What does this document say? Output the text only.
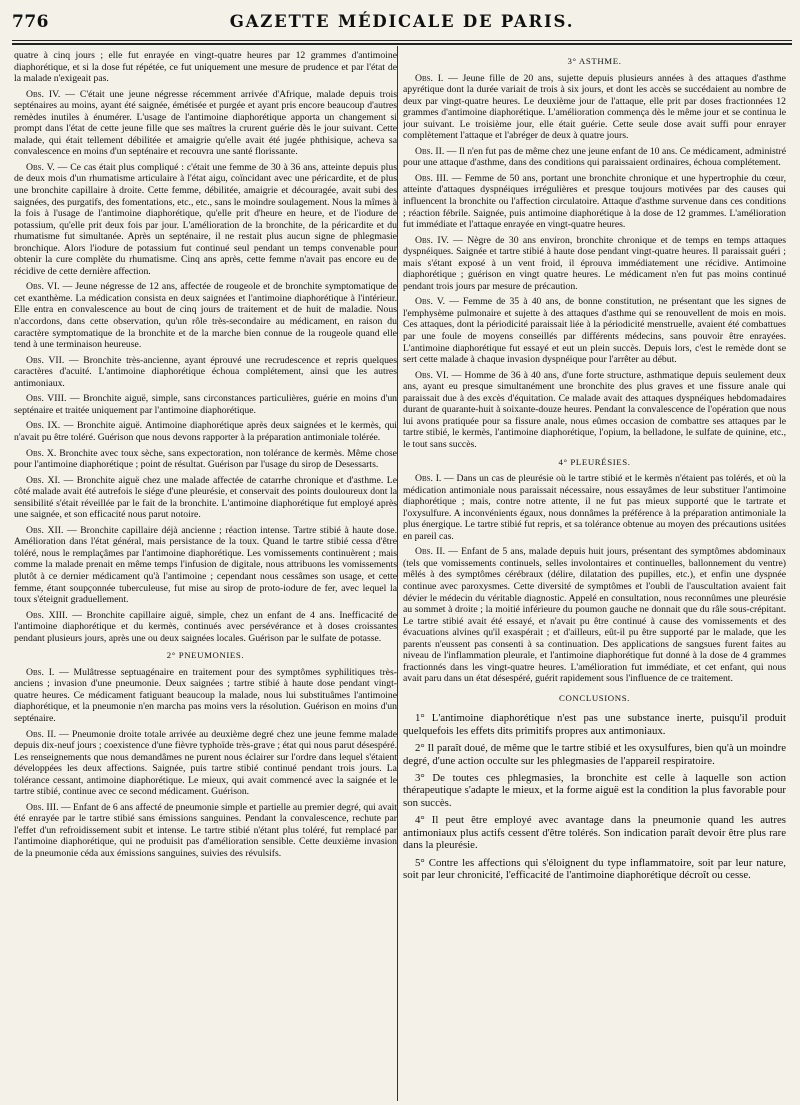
776	GAZETTE MÉDICALE DE PARIS.

quatre à cinq jours ; elle fut enrayée en vingt-quatre heures par 12 grammes d'antimoine diaphorétique, et si la dose fut répétée, ce fut uniquement une mesure de prudence et par l'état de la malade n'exigeait pas.

Obs. IV. — C'était une jeune négresse récemment arrivée d'Afrique, malade depuis trois septénaires au moins, ayant été saignée, émétisée et purgée et ayant pris encore beaucoup d'autres remèdes inutiles à énumérer. L'usage de l'antimoine diaphorétique apporta un changement si prompt dans l'état de cette jeune fille que ses maîtres la crurent guérie dès le jour suivant. Cette malade, qui était tellement débilitée et amaigrie qu'elle avait été jugée phthisique, acheva sa convalescence en moins d'un septénaire et recouvra une santé florissante.

Obs. V. — Ce cas était plus compliqué : c'était une femme de 30 à 36 ans, atteinte depuis plus de deux mois d'un rhumatisme articulaire à l'état aigu, coïncidant avec une péricardite, et de plus une bronchite capillaire à droite. Cette femme, débilitée, amaigrie et découragée, avait subi des saignées, des purgatifs, des fomentations, etc., etc., sans le moindre soulagement. Nous la mîmes à la fois à l'usage de l'antimoine diaphorétique, qu'elle prit d'heure en heure, et de l'iodure de potassium, qu'elle prit deux fois par jour. L'amélioration de la bronchite, de la péricardite et du rhumatisme fut simultanée. Après un septénaire, il ne restait plus aucun signe de phlegmasie bronchique. Alors l'iodure de potassium fut continué seul pendant un temps convenable pour obtenir la cure complète du rhumatisme. Cinq ans après, cette femme n'avait pas encore eu de récidive de cette dernière affection.

Obs. VI. — Jeune négresse de 12 ans, affectée de rougeole et de bronchite symptomatique de cet exanthème. La médication consista en deux saignées et l'antimoine diaphorétique à l'intérieur. Elle entra en convalescence au bout de cinq jours de traitement et de huit de maladie. Nous n'accordons, dans cette observation, qu'un rôle très-secondaire au médicament, en raison du caractère symptomatique de la bronchite et de la marche bien connue de la rougeole quand elle tend à une terminaison heureuse.

Obs. VII. — Bronchite très-ancienne, ayant éprouvé une recrudescence et repris quelques caractères d'acuité. L'antimoine diaphorétique échoua complétement, ainsi que les autres antimoniaux.

Obs. VIII. — Bronchite aiguë, simple, sans circonstances particulières, guérie en moins d'un septénaire et traitée uniquement par l'antimoine diaphorétique.

Obs. IX. — Bronchite aiguë. Antimoine diaphorétique après deux saignées et le kermès, qui n'avait pu être toléré. Guérison que nous devons rapporter à la préparation antimoniale tolérée.

Obs. X. Bronchite avec toux sèche, sans expectoration, non tolérance de kermès. Même chose pour l'antimoine diaphorétique ; point de résultat. Guérison par l'usage du sirop de Desessarts.

Obs. XI. — Bronchite aiguë chez une malade affectée de catarrhe chronique et d'asthme. Le côté malade avait été autrefois le siége d'une pleurésie, et conservait des points douloureux dont la sensibilité s'était réveillée par le fait de la bronchite. L'antimoine diaphorétique fut employé après une saignée, et son efficacité nous parut notoire.

Obs. XII. — Bronchite capillaire déjà ancienne ; réaction intense. Tartre stibié à haute dose. Amélioration dans l'état général, mais persistance de la toux. Quand le tartre stibié cessa d'être toléré, nous le remplaçâmes par l'antimoine diaphorétique. Les vomissements continuèrent ; mais comme la malade prenait en même temps l'infusion de digitale, nous attribuons les vomissements plutôt à ce dernier médicament qu'à l'antimoine ; cependant nous cessâmes son usage, et cette femme, étant soupçonnée tuberculeuse, fut mise au sirop de proto-iodure de fer, avec lequel la toux s'éteignit graduellement.

Obs. XIII. — Bronchite capillaire aiguë, simple, chez un enfant de 4 ans. Inefficacité de l'antimoine diaphorétique et du kermès, continués avec persévérance et à doses croissantes pendant plusieurs jours, après une ou deux saignées locales. Guérison par le sulfate de potasse.

2° PNEUMONIES.

Obs. I. — Mulâtresse septuagénaire en traitement pour des symptômes syphilitiques très-anciens ; invasion d'une pneumonie. Deux saignées ; tartre stibié à haute dose pendant vingt-quatre heures. Ce médicament fatiguant beaucoup la malade, nous lui substituâmes l'antimoine diaphorétique, et la pneumonie n'en marcha pas moins vers la résolution. Guérison en moins d'un septénaire.

Obs. II. — Pneumonie droite totale arrivée au deuxième degré chez une jeune femme malade depuis dix-neuf jours ; coexistence d'une fièvre typhoïde très-grave ; état qui nous parut désespéré. Les renseignements que nous demandâmes ne purent nous éclairer sur l'ordre dans lequel s'étaient développées les deux affections. Saignée, puis tartre stibié continué pendant trois jours. La tolérance cessant, antimoine diaphorétique. Le mieux, qui avait commencé avec la saignée et le tartre stibié, continue avec ce second médicament. Guérison.

Obs. III. — Enfant de 6 ans affecté de pneumonie simple et partielle au premier degré, qui avait été enrayée par le tartre stibié sans émissions sanguines. Pendant la convalescence, rechute par l'effet d'un refroidissement subit et intense. Le tartre stibié n'étant plus toléré, fut remplacé par l'antimoine diaphorétique, qui ne produisit pas d'amélioration sensible. Cette deuxième invasion de la pneumonie céda aux émissions sanguines, suivies des révulsifs.

3° ASTHME.

Obs. I. — Jeune fille de 20 ans, sujette depuis plusieurs années à des attaques d'asthme apyrétique dont la durée variait de trois à six jours, et dont les accès se succédaient au nombre de deux par vingt-quatre heures. Le deuxième jour de l'attaque, elle prit par doses fractionnées 12 grammes d'antimoine diaphorétique. L'amélioration commença dès le même jour et se continua le jour suivant. Le troisième jour, elle était guérie. Cette seule dose avait suffi pour enrayer complètement l'attaque et l'abréger de deux à quatre jours.

Obs. II. — Il n'en fut pas de même chez une jeune enfant de 10 ans. Ce médicament, administré pour une attaque d'asthme, dans des conditions qui paraissaient ordinaires, échoua complétement.

Obs. III. — Femme de 50 ans, portant une bronchite chronique et une hypertrophie du cœur, atteinte d'attaques dyspnéiques irrégulières et presque toujours motivées par des causes qui influencent la bronchite ou l'affection circulatoire. Attaque d'asthme survenue dans ces conditions ; réaction fébrile. Saignée, puis antimoine diaphorétique à la dose de 12 grammes. L'amélioration fut immédiate et l'attaque enrayée en vingt-quatre heures.

Obs. IV. — Nègre de 30 ans environ, bronchite chronique et de temps en temps attaques dyspnéiques. Saignée et tartre stibié à haute dose pendant vingt-quatre heures. Il paraissait guéri ; mais s'étant exposé à un vent froid, il éprouva immédiatement une récidive. Antimoine diaphorétique ; guérison en vingt quatre heures. Le médicament n'en fut pas moins continué pendant trois jours par mesure de précaution.

Obs. V. — Femme de 35 à 40 ans, de bonne constitution, ne présentant que les signes de l'emphysème pulmonaire et sujette à des attaques d'asthme qui se renouvellent de mois en mois. Ces attaques, dont la périodicité paraissait liée à la périodicité menstruelle, avaient été combattues par une foule de moyens conseillés par différents médecins, sans pouvoir être enrayées. L'antimoine diaphorétique fut essayé et eut un plein succès. Depuis lors, c'est le remède dont se sert cette malade à chaque invasion dyspnéique pour l'arrêter au début.

Obs. VI. — Homme de 36 à 40 ans, d'une forte structure, asthmatique depuis seulement deux ans, ayant eu presque simultanément une bronchite des plus graves et une fissure anale qui paraissait due à des excès d'équitation. Ce malade avait des attaques dyspnéiques hebdomadaires durant de quarante-huit à soixante-douze heures. Pendant la convalescence de l'opération que nous lui avons pratiquée pour sa fissure anale, nous eûmes occasion de combattre ses attaques par le tartre stibié, le kermès, l'antimoine diaphorétique, l'opium, la belladone, le sulfate de quinine, etc., le tout sans succès.

4° PLEURÉSIES.

Obs. I. — Dans un cas de pleurésie où le tartre stibié et le kermès n'étaient pas tolérés, et où la médication antimoniale nous paraissait nécessaire, nous essayâmes de leur substituer l'antimoine diaphorétique ; mais, contre notre attente, il ne fut pas mieux supporté que le tartrate et l'oxysulfure. A inconvénients égaux, nous donnâmes la préférence à la préparation antimoniale la plus énergique. Le tartre stibié fut repris, et sa tolérance obtenue au moyen des précautions usitées en pareil cas.

Obs. II. — Enfant de 5 ans, malade depuis huit jours, présentant des symptômes abdominaux (tels que vomissements continuels, selles involontaires et continuelles, ballonnement du ventre) mêlés à des symptômes cérébraux (délire, dilatation des pupilles, etc.), et enfin une dyspnée continue avec paroxysmes. Cette diversité de symptômes et l'oubli de l'auscultation avaient fait dévier le médecin du véritable diagnostic. Appelé en consultation, nous reconnûmes une pleurésie au sommet à droite ; la moitié inférieure du poumon gauche ne donnait que du râle sous-crépitant. Le tartre stibié avait été essayé, et n'avait pu être continué à cause des vomissements et des évacuations alvines qu'il exaspérait ; et d'ailleurs, eût-il pu être supporté par le malade, que les parents n'eussent pas consenti à sa continuation. Des applications de sangsues furent faites au niveau de l'inflammation pleurale, et l'antimoine diaphorétique fut donné à la dose de 4 grammes fractionnés dans les vingt-quatre heures. L'amélioration fut immédiate, et cet enfant, qui nous avait paru dans un état désespéré, guérit rapidement sous l'influence de ce traitement.

CONCLUSIONS.

1° L'antimoine diaphorétique n'est pas une substance inerte, puisqu'il produit quelquefois les effets dits primitifs propres aux antimoniaux.

2° Il paraît doué, de même que le tartre stibié et les oxysulfures, bien qu'à un moindre degré, d'une action occulte sur les phlegmasies de l'appareil respiratoire.

3° De toutes ces phlegmasies, la bronchite est celle à laquelle son action thérapeutique s'adapte le mieux, et la forme aiguë est la condition la plus favorable pour son succès.

4° Il peut être employé avec avantage dans la pneumonie quand les autres antimoniaux plus actifs cessent d'être tolérés. Son indication paraît devoir être plus rare dans la pleurésie.

5° Contre les affections qui s'éloignent du type inflammatoire, soit par leur nature, soit par leur chronicité, l'efficacité de l'antimoine diaphorétique décroît ou cesse.
